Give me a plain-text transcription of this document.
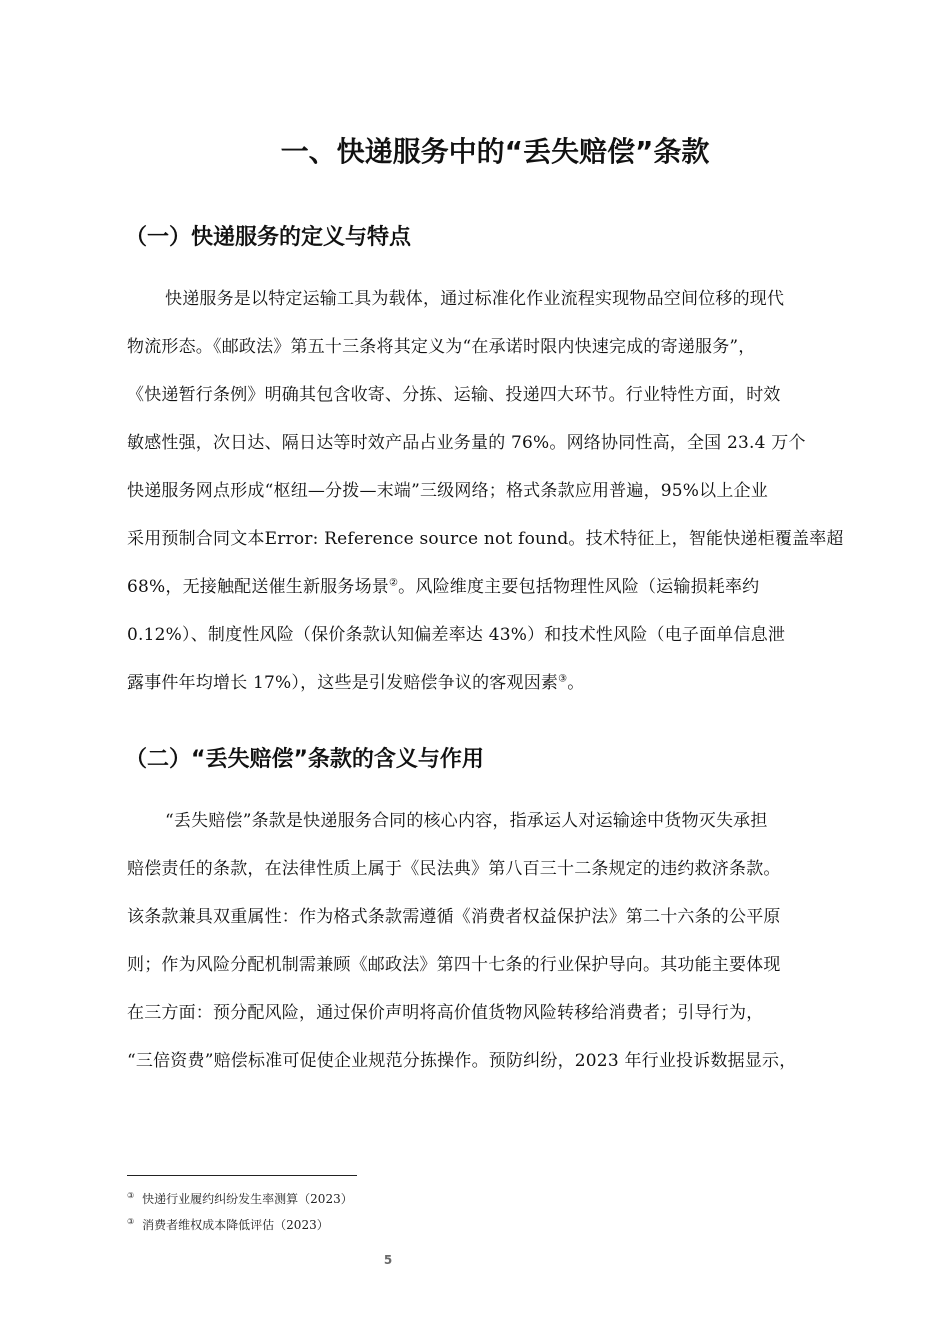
一、快递服务中的“丢失赔偿”条款
（一）快递服务的定义与特点

快递服务是以特定运输工具为载体，通过标准化作业流程实现物品空间位移的现代

物流形态。《邮政法》第五十三条将其定义为“在承诺时限内快速完成的寄递服务”，

《快递暂行条例》明确其包含收寄、分拣、运输、投递四大环节。行业特性方面，时效

敏感性强，次日达、隔日达等时效产品占业务量的 76%。网络协同性高，全国 23.4 万个

快递服务网点形成“枢纽—分拨—末端”三级网络；格式条款应用普遍，95%以上企业

采用预制合同文本Error: Reference source not found。技术特征上，智能快递柜覆盖率超

68%，无接触配送催生新服务场景②。风险维度主要包括物理性风险（运输损耗率约

0.12%）、制度性风险（保价条款认知偏差率达 43%）和技术性风险（电子面单信息泄

露事件年均增长 17%），这些是引发赔偿争议的客观因素③。

（二）“丢失赔偿”条款的含义与作用

“丢失赔偿”条款是快递服务合同的核心内容，指承运人对运输途中货物灭失承担

赔偿责任的条款，在法律性质上属于《民法典》第八百三十二条规定的违约救济条款。

该条款兼具双重属性：作为格式条款需遵循《消费者权益保护法》第二十六条的公平原

则；作为风险分配机制需兼顾《邮政法》第四十七条的行业保护导向。其功能主要体现

在三方面：预分配风险，通过保价声明将高价值货物风险转移给消费者；引导行为，

“三倍资费”赔偿标准可促使企业规范分拣操作。预防纠纷，2023 年行业投诉数据显示，

③ 快递行业履约纠纷发生率测算（2023）
③ 消费者维权成本降低评估（2023）
5
